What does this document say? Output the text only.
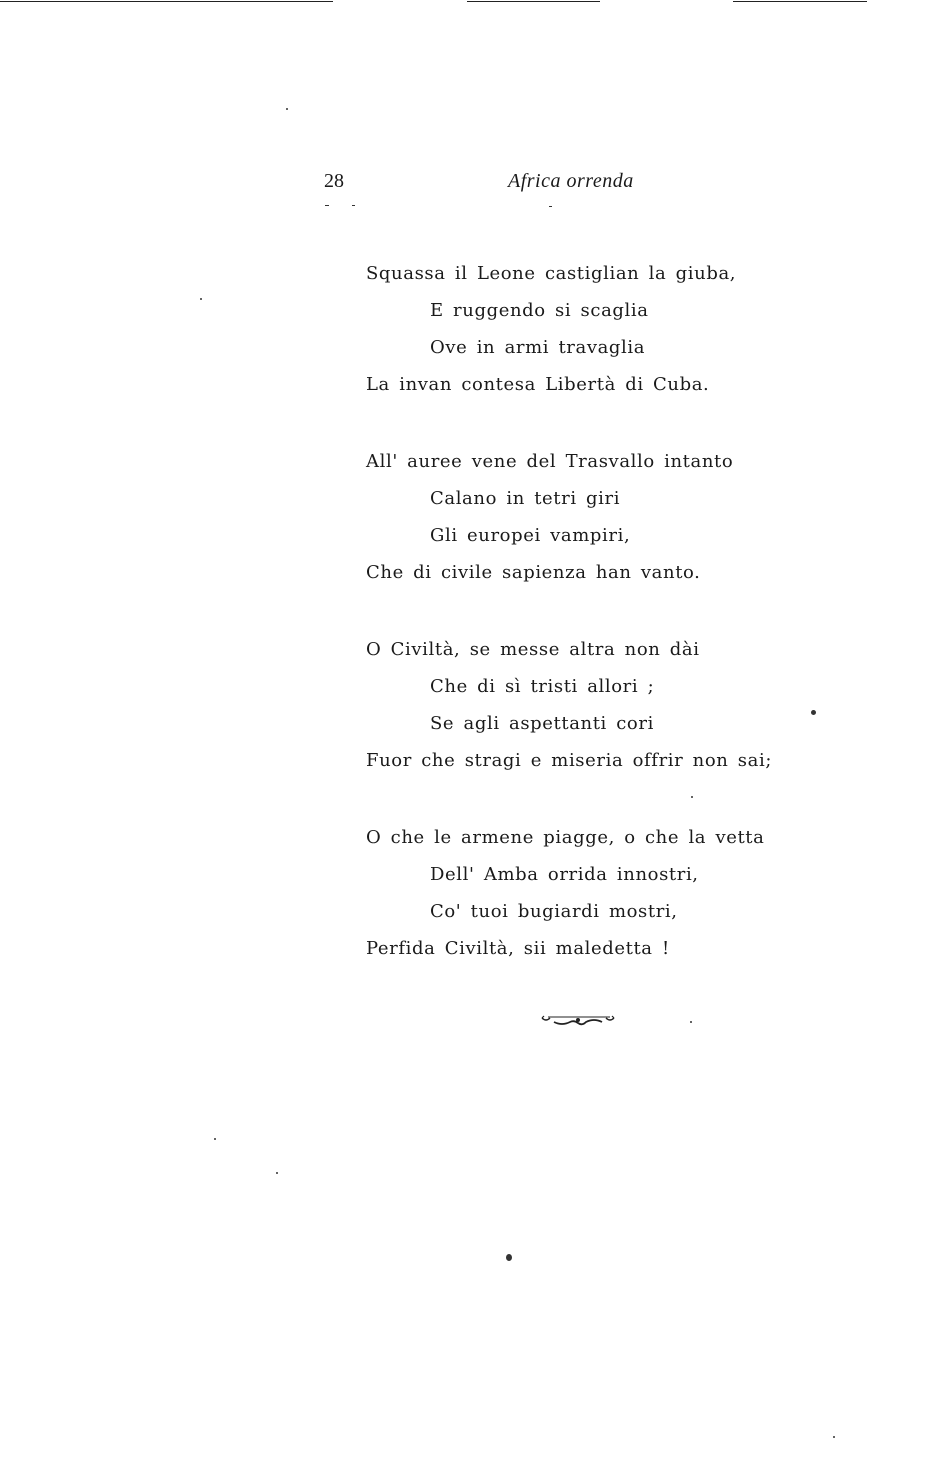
28	Africa orrenda
Squassa il Leone castiglian la giuba,
E ruggendo si scaglia
Ove in armi travaglia
La invan contesa Libertà di Cuba.
All' auree vene del Trasvallo intanto
Calano in tetri giri
Gli europei vampiri,
Che di civile sapienza han vanto.
O Civiltà, se messe altra non dài
Che di sì tristi allori ;
Se agli aspettanti cori
Fuor che stragi e miseria offrir non sai;
O che le armene piagge, o che la vetta
Dell' Amba orrida innostri,
Co' tuoi bugiardi mostri,
Perfida Civiltà, sii maledetta !
